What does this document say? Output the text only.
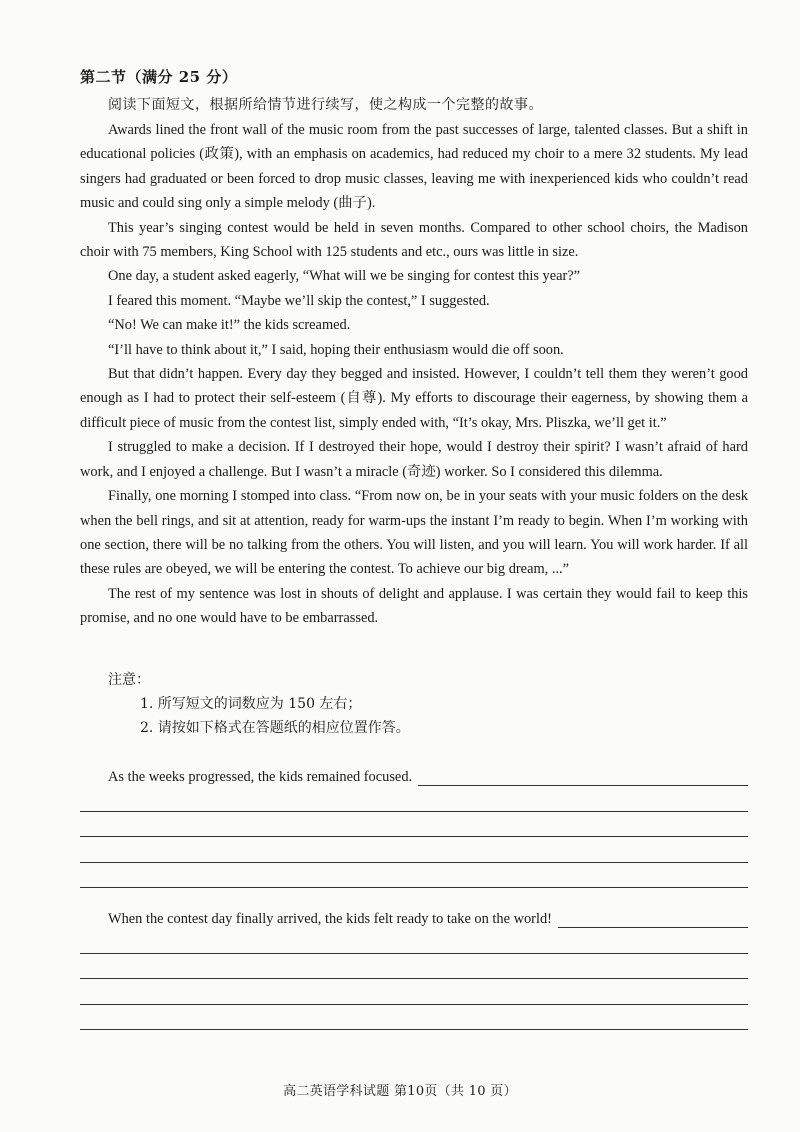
第二节（满分 25 分）
阅读下面短文，根据所给情节进行续写，使之构成一个完整的故事。

Awards lined the front wall of the music room from the past successes of large, talented classes. But a shift in educational policies (政策), with an emphasis on academics, had reduced my choir to a mere 32 students. My lead singers had graduated or been forced to drop music classes, leaving me with inexperienced kids who couldn’t read music and could sing only a simple melody (曲子).

This year’s singing contest would be held in seven months. Compared to other school choirs, the Madison choir with 75 members, King School with 125 students and etc., ours was little in size.

One day, a student asked eagerly, “What will we be singing for contest this year?”

I feared this moment. “Maybe we’ll skip the contest,” I suggested.

“No! We can make it!” the kids screamed.

“I’ll have to think about it,” I said, hoping their enthusiasm would die off soon.

But that didn’t happen. Every day they begged and insisted. However, I couldn’t tell them they weren’t good enough as I had to protect their self-esteem (自尊). My efforts to discourage their eagerness, by showing them a difficult piece of music from the contest list, simply ended with, “It’s okay, Mrs. Pliszka, we’ll get it.”

I struggled to make a decision. If I destroyed their hope, would I destroy their spirit? I wasn’t afraid of hard work, and I enjoyed a challenge. But I wasn’t a miracle (奇迹) worker. So I considered this dilemma.

Finally, one morning I stomped into class. “From now on, be in your seats with your music folders on the desk when the bell rings, and sit at attention, ready for warm-ups the instant I’m ready to begin. When I’m working with one section, there will be no talking from the others. You will listen, and you will learn. You will work harder. If all these rules are obeyed, we will be entering the contest. To achieve our big dream, ...”

The rest of my sentence was lost in shouts of delight and applause. I was certain they would fail to keep this promise, and no one would have to be embarrassed.

注意：
1. 所写短文的词数应为 150 左右；
2. 请按如下格式在答题纸的相应位置作答。
As the weeks progressed, the kids remained focused.
When the contest day finally arrived, the kids felt ready to take on the world!
高二英语学科试题 第10页（共 10 页）
